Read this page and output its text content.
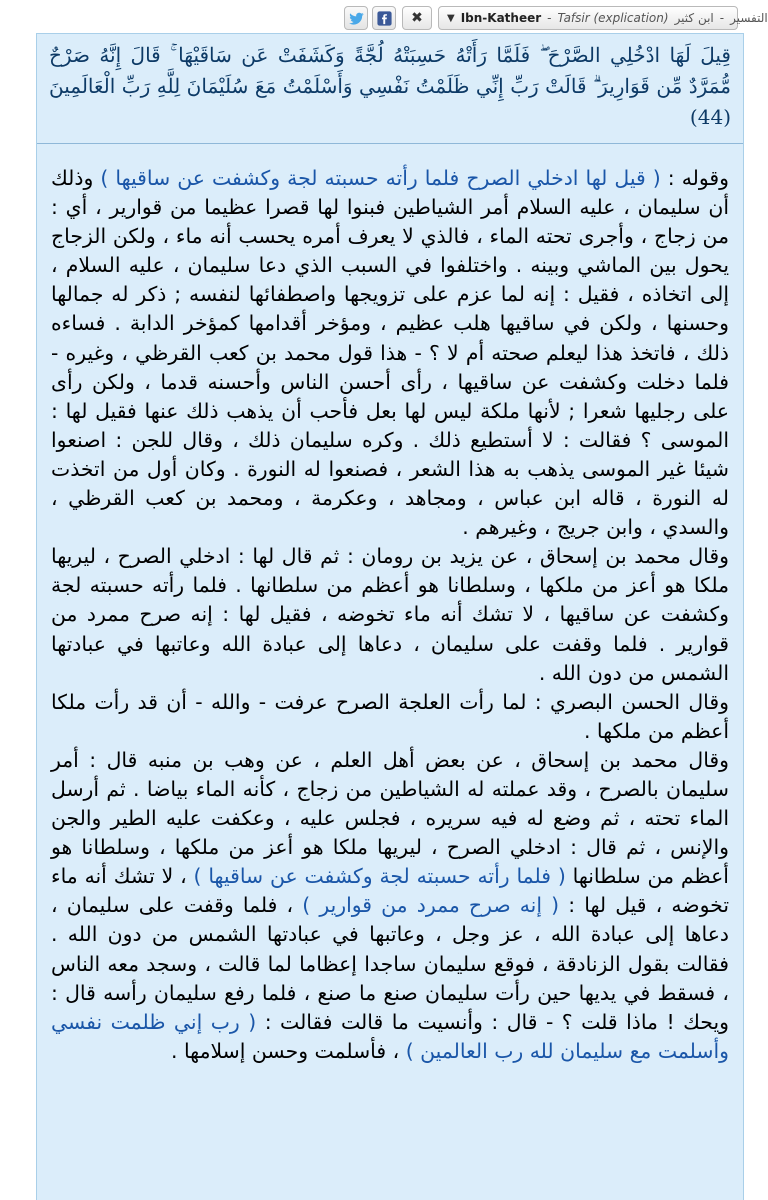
✖ ▼ Ibn-Katheer - Tafsir (explication) ابن كثير - التفسير
قِيلَ لَهَا ادْخُلِي الصَّرْحَ ۖ فَلَمَّا رَأَتْهُ حَسِبَتْهُ لُجَّةً وَكَشَفَتْ عَن سَاقَيْهَا ۚ قَالَ إِنَّهُ صَرْحٌ مُّمَرَّدٌ مِّن قَوَارِيرَ ۗ قَالَتْ رَبِّ إِنِّي ظَلَمْتُ نَفْسِي وَأَسْلَمْتُ مَعَ سُلَيْمَانَ لِلَّهِ رَبِّ الْعَالَمِينَ (44)

وقوله : ( قيل لها ادخلي الصرح فلما رأته حسبته لجة وكشفت عن ساقيها ) وذلك أن سليمان ، عليه السلام أمر الشياطين فبنوا لها قصرا عظيما من قوارير ، أي : من زجاج ، وأجرى تحته الماء ، فالذي لا يعرف أمره يحسب أنه ماء ، ولكن الزجاج يحول بين الماشي وبينه . واختلفوا في السبب الذي دعا سليمان ، عليه السلام ، إلى اتخاذه ، فقيل : إنه لما عزم على تزويجها واصطفائها لنفسه ; ذكر له جمالها وحسنها ، ولكن في ساقيها هلب عظيم ، ومؤخر أقدامها كمؤخر الدابة . فساءه ذلك ، فاتخذ هذا ليعلم صحته أم لا ؟ - هذا قول محمد بن كعب القرظي ، وغيره - فلما دخلت وكشفت عن ساقيها ، رأى أحسن الناس وأحسنه قدما ، ولكن رأى على رجليها شعرا ; لأنها ملكة ليس لها بعل فأحب أن يذهب ذلك عنها فقيل لها : الموسى ؟ فقالت : لا أستطيع ذلك . وكره سليمان ذلك ، وقال للجن : اصنعوا شيئا غير الموسى يذهب به هذا الشعر ، فصنعوا له النورة . وكان أول من اتخذت له النورة ، قاله ابن عباس ، ومجاهد ، وعكرمة ، ومحمد بن كعب القرظي ، والسدي ، وابن جريج ، وغيرهم .

وقال محمد بن إسحاق ، عن يزيد بن رومان : ثم قال لها : ادخلي الصرح ، ليريها ملكا هو أعز من ملكها ، وسلطانا هو أعظم من سلطانها . فلما رأته حسبته لجة وكشفت عن ساقيها ، لا تشك أنه ماء تخوضه ، فقيل لها : إنه صرح ممرد من قوارير . فلما وقفت على سليمان ، دعاها إلى عبادة الله وعاتبها في عبادتها الشمس من دون الله .

وقال الحسن البصري : لما رأت العلجة الصرح عرفت - والله - أن قد رأت ملكا أعظم من ملكها .

وقال محمد بن إسحاق ، عن بعض أهل العلم ، عن وهب بن منبه قال : أمر سليمان بالصرح ، وقد عملته له الشياطين من زجاج ، كأنه الماء بياضا . ثم أرسل الماء تحته ، ثم وضع له فيه سريره ، فجلس عليه ، وعكفت عليه الطير والجن والإنس ، ثم قال : ادخلي الصرح ، ليريها ملكا هو أعز من ملكها ، وسلطانا هو أعظم من سلطانها ( فلما رأته حسبته لجة وكشفت عن ساقيها ) ، لا تشك أنه ماء تخوضه ، قيل لها : ( إنه صرح ممرد من قوارير ) ، فلما وقفت على سليمان ، دعاها إلى عبادة الله ، عز وجل ، وعاتبها في عبادتها الشمس من دون الله . فقالت بقول الزنادقة ، فوقع سليمان ساجدا إعظاما لما قالت ، وسجد معه الناس ، فسقط في يديها حين رأت سليمان صنع ما صنع ، فلما رفع سليمان رأسه قال : ويحك ! ماذا قلت ؟ - قال : وأنسيت ما قالت فقالت : ( رب إني ظلمت نفسي وأسلمت مع سليمان لله رب العالمين ) ، فأسلمت وحسن إسلامها .
